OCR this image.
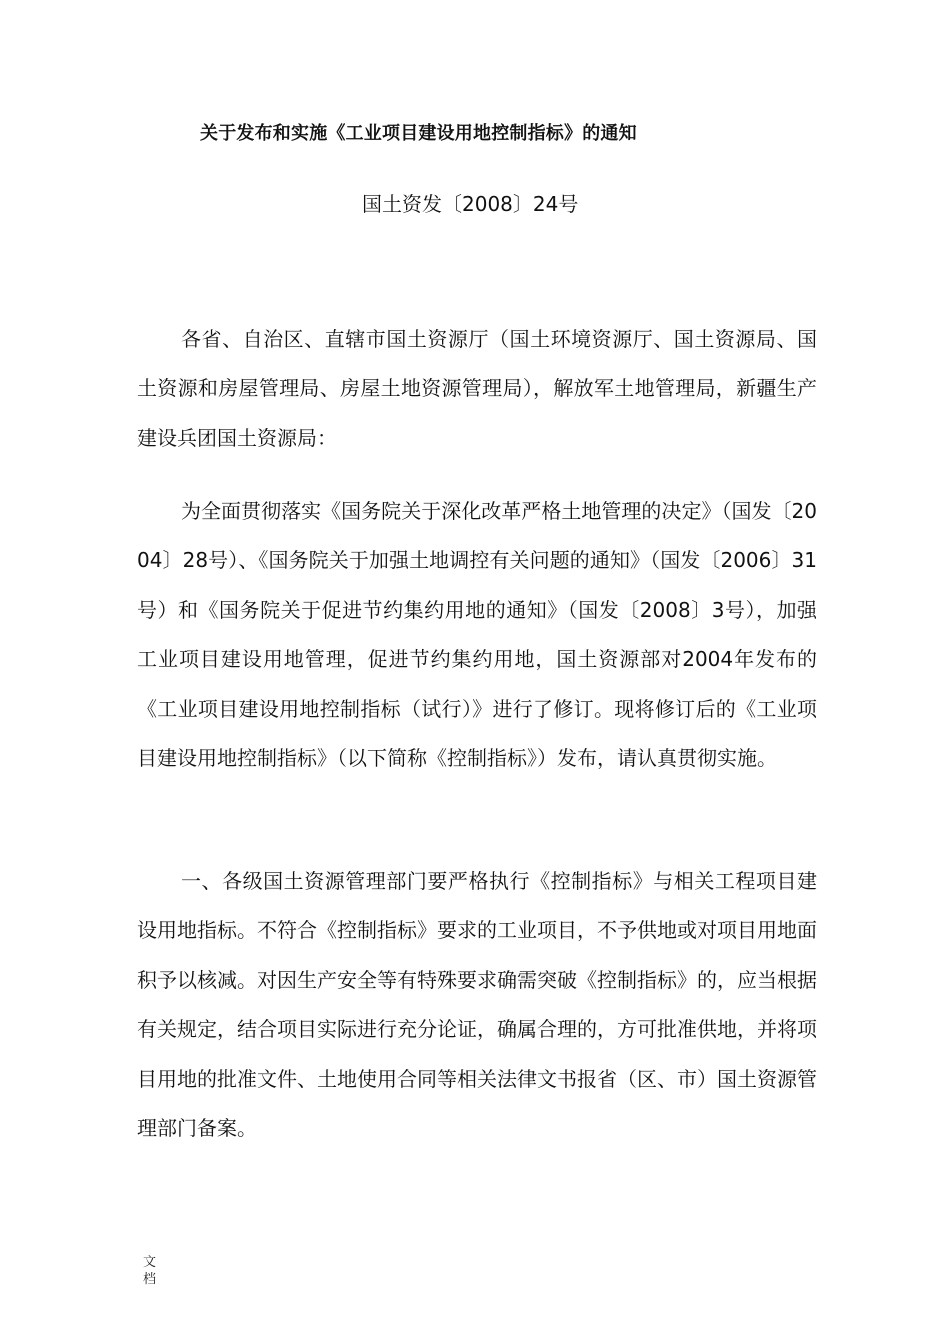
关于发布和实施《工业项目建设用地控制指标》的通知
国土资发〔2008〕24号

各省、自治区、直辖市国土资源厅（国土环境资源厅、国土资源局、国土资源和房屋管理局、房屋土地资源管理局），解放军土地管理局，新疆生产建设兵团国土资源局：

为全面贯彻落实《国务院关于深化改革严格土地管理的决定》（国发〔2004〕28号）、《国务院关于加强土地调控有关问题的通知》（国发〔2006〕31号）和《国务院关于促进节约集约用地的通知》（国发〔2008〕3号），加强工业项目建设用地管理，促进节约集约用地，国土资源部对2004年发布的《工业项目建设用地控制指标（试行）》进行了修订。现将修订后的《工业项目建设用地控制指标》（以下简称《控制指标》）发布，请认真贯彻实施。

一、各级国土资源管理部门要严格执行《控制指标》与相关工程项目建设用地指标。不符合《控制指标》要求的工业项目，不予供地或对项目用地面积予以核减。对因生产安全等有特殊要求确需突破《控制指标》的，应当根据有关规定，结合项目实际进行充分论证，确属合理的，方可批准供地，并将项目用地的批准文件、土地使用合同等相关法律文书报省（区、市）国土资源管理部门备案。

文档
